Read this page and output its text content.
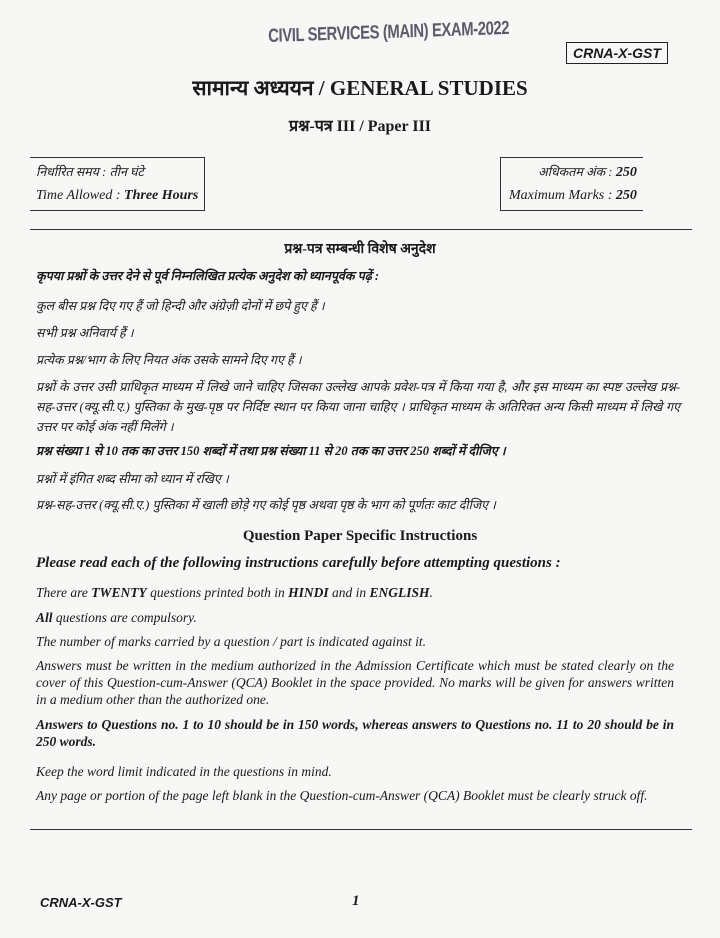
CIVIL SERVICES (MAIN) EXAM-2022
CRNA-X-GST
सामान्य अध्ययन / GENERAL STUDIES
प्रश्न-पत्र III / Paper III
निर्धारित समय : तीन घंटे
Time Allowed : Three Hours
अधिकतम अंक : 250
Maximum Marks : 250
प्रश्न-पत्र सम्बन्धी विशेष अनुदेश
कृपया प्रश्नों के उत्तर देने से पूर्व निम्नलिखित प्रत्येक अनुदेश को ध्यानपूर्वक पढ़ें :
कुल बीस प्रश्न दिए गए हैं जो हिन्दी और अंग्रेज़ी दोनों में छपे हुए हैं ।
सभी प्रश्न अनिवार्य हैं ।
प्रत्येक प्रश्न/भाग के लिए नियत अंक उसके सामने दिए गए हैं ।
प्रश्नों के उत्तर उसी प्राधिकृत माध्यम में लिखे जाने चाहिए जिसका उल्लेख आपके प्रवेश-पत्र में किया गया है, और इस माध्यम का स्पष्ट उल्लेख प्रश्न-सह-उत्तर (क्यू.सी.ए.) पुस्तिका के मुख-पृष्ठ पर निर्दिष्ट स्थान पर किया जाना चाहिए । प्राधिकृत माध्यम के अतिरिक्त अन्य किसी माध्यम में लिखे गए उत्तर पर कोई अंक नहीं मिलेंगे ।
प्रश्न संख्या 1 से 10 तक का उत्तर 150 शब्दों में तथा प्रश्न संख्या 11 से 20 तक का उत्तर 250 शब्दों में दीजिए ।
प्रश्नों में इंगित शब्द सीमा को ध्यान में रखिए ।
प्रश्न-सह-उत्तर (क्यू.सी.ए.) पुस्तिका में खाली छोड़े गए कोई पृष्ठ अथवा पृष्ठ के भाग को पूर्णतः काट दीजिए ।
Question Paper Specific Instructions
Please read each of the following instructions carefully before attempting questions :
There are TWENTY questions printed both in HINDI and in ENGLISH.
All questions are compulsory.
The number of marks carried by a question / part is indicated against it.
Answers must be written in the medium authorized in the Admission Certificate which must be stated clearly on the cover of this Question-cum-Answer (QCA) Booklet in the space provided. No marks will be given for answers written in a medium other than the authorized one.
Answers to Questions no. 1 to 10 should be in 150 words, whereas answers to Questions no. 11 to 20 should be in 250 words.
Keep the word limit indicated in the questions in mind.
Any page or portion of the page left blank in the Question-cum-Answer (QCA) Booklet must be clearly struck off.
CRNA-X-GST	1
